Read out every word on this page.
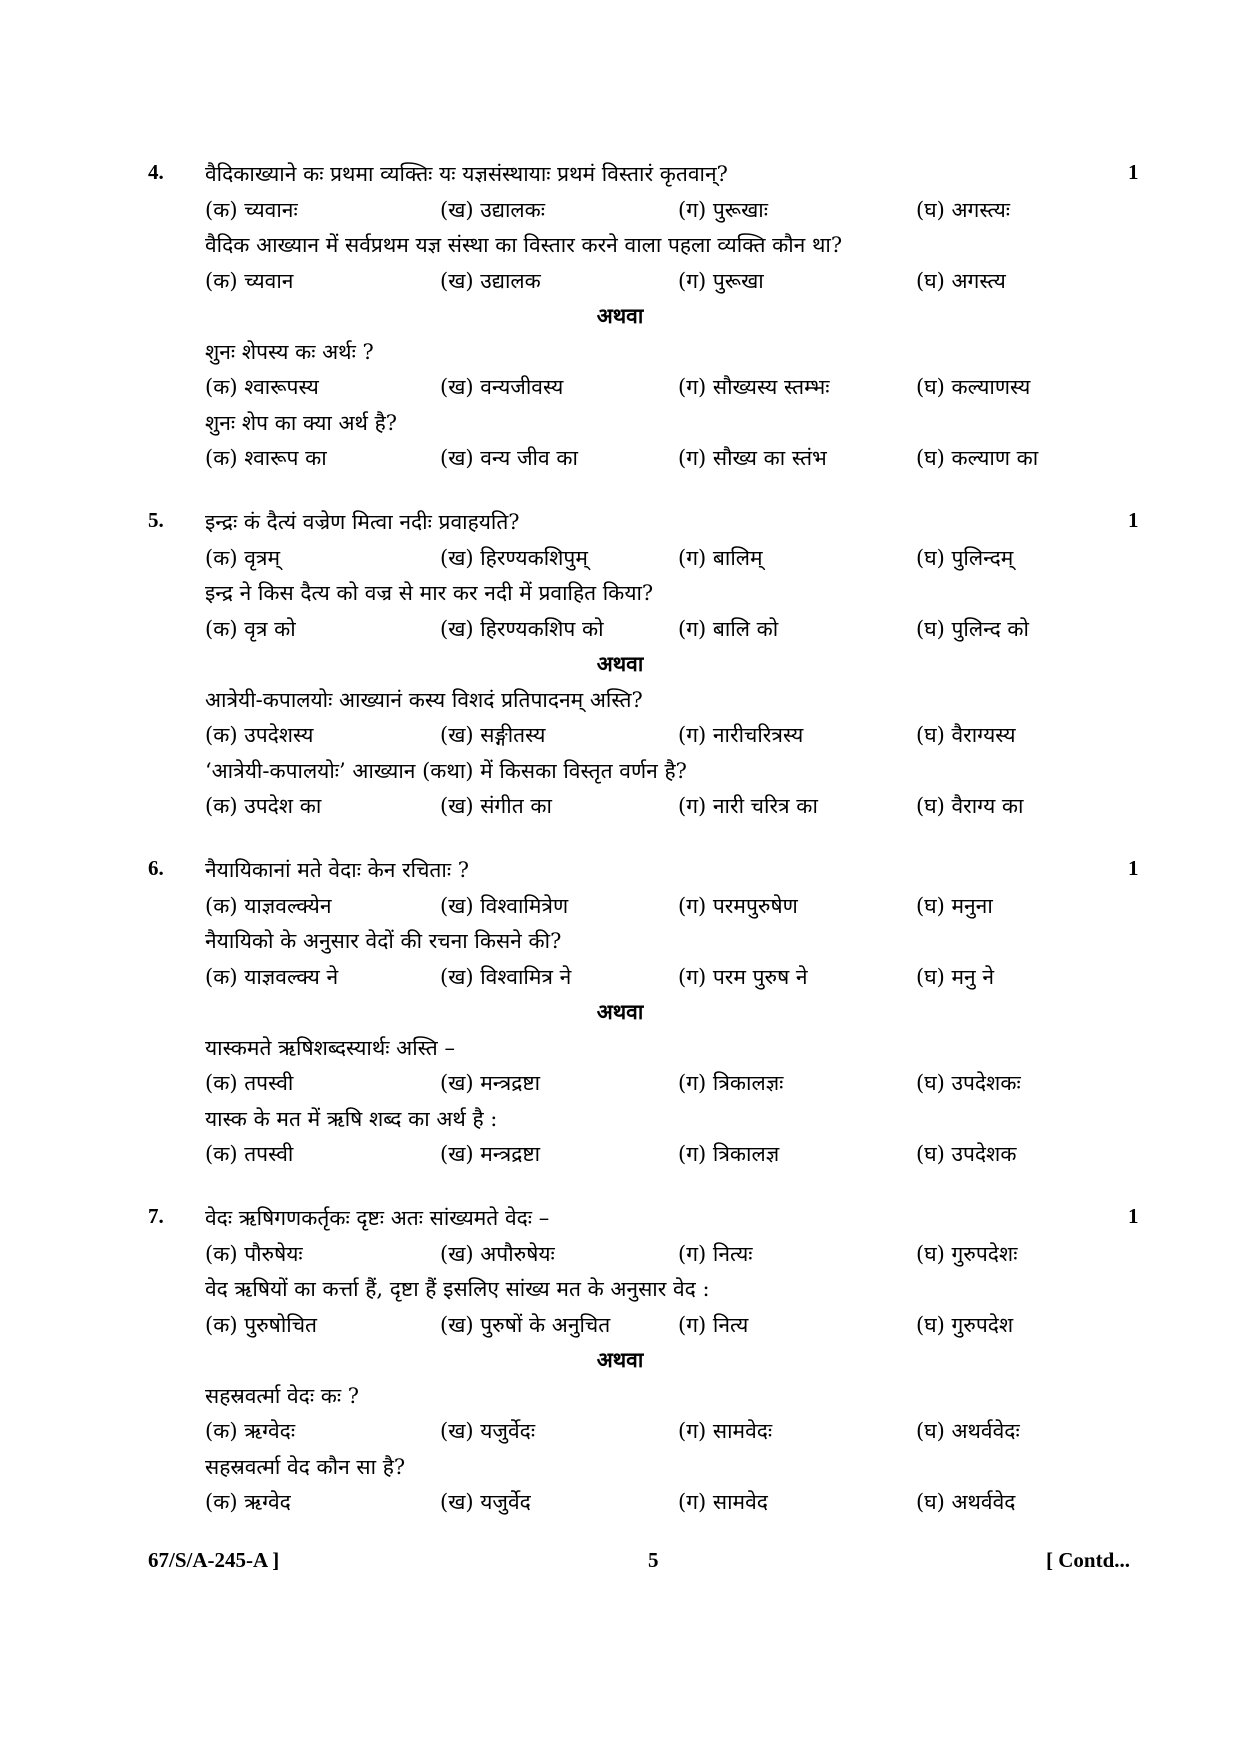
4.	1
वैदिकाख्याने कः प्रथमा व्यक्तिः यः यज्ञसंस्थायाः प्रथमं विस्तारं कृतवान्?
(क) च्यवानः	(ख) उद्यालकः	(ग) पुरूखाः	(घ) अगस्त्यः
वैदिक आख्यान में सर्वप्रथम यज्ञ संस्था का विस्तार करने वाला पहला व्यक्ति कौन था?
(क) च्यवान	(ख) उद्यालक	(ग) पुरूखा	(घ) अगस्त्य
अथवा
शुनः शेपस्य कः अर्थः ?
(क) श्वारूपस्य	(ख) वन्यजीवस्य	(ग) सौख्यस्य स्तम्भः	(घ) कल्याणस्य
शुनः शेप का क्या अर्थ है?
(क) श्वारूप का	(ख) वन्य जीव का	(ग) सौख्य का स्तंभ	(घ) कल्याण का
5.	1
इन्द्रः कं दैत्यं वज्रेण मित्वा नदीः प्रवाहयति?
(क) वृत्रम्	(ख) हिरण्यकशिपुम्	(ग) बालिम्	(घ) पुलिन्दम्
इन्द्र ने किस दैत्य को वज्र से मार कर नदी में प्रवाहित किया?
(क) वृत्र को	(ख) हिरण्यकशिप को	(ग) बालि को	(घ) पुलिन्द को
अथवा
आत्रेयी-कपालयोः आख्यानं कस्य विशदं प्रतिपादनम् अस्ति?
(क) उपदेशस्य	(ख) सङ्गीतस्य	(ग) नारीचरित्रस्य	(घ) वैराग्यस्य
‘आत्रेयी-कपालयोः’ आख्यान (कथा) में किसका विस्तृत वर्णन है?
(क) उपदेश का	(ख) संगीत का	(ग) नारी चरित्र का	(घ) वैराग्य का
6.	1
नैयायिकानां मते वेदाः केन रचिताः ?
(क) याज्ञवल्क्येन	(ख) विश्वामित्रेण	(ग) परमपुरुषेण	(घ) मनुना
नैयायिको के अनुसार वेदों की रचना किसने की?
(क) याज्ञवल्क्य ने	(ख) विश्वामित्र ने	(ग) परम पुरुष ने	(घ) मनु ने
अथवा
यास्कमते ऋषिशब्दस्यार्थः अस्ति –
(क) तपस्वी	(ख) मन्त्रद्रष्टा	(ग) त्रिकालज्ञः	(घ) उपदेशकः
यास्क के मत में ऋषि शब्द का अर्थ है :
(क) तपस्वी	(ख) मन्त्रद्रष्टा	(ग) त्रिकालज्ञ	(घ) उपदेशक
7.	1
वेदः ऋषिगणकर्तृकः दृष्टः अतः सांख्यमते वेदः –
(क) पौरुषेयः	(ख) अपौरुषेयः	(ग) नित्यः	(घ) गुरुपदेशः
वेद ऋषियों का कर्त्ता हैं, दृष्टा हैं इसलिए सांख्य मत के अनुसार वेद :
(क) पुरुषोचित	(ख) पुरुषों के अनुचित	(ग) नित्य	(घ) गुरुपदेश
अथवा
सहस्रवर्त्मा वेदः कः ?
(क) ऋग्वेदः	(ख) यजुर्वेदः	(ग) सामवेदः	(घ) अथर्ववेदः
सहस्रवर्त्मा वेद कौन सा है?
(क) ऋग्वेद	(ख) यजुर्वेद	(ग) सामवेद	(घ) अथर्ववेद
67/S/A-245-A ]	5	[ Contd...
